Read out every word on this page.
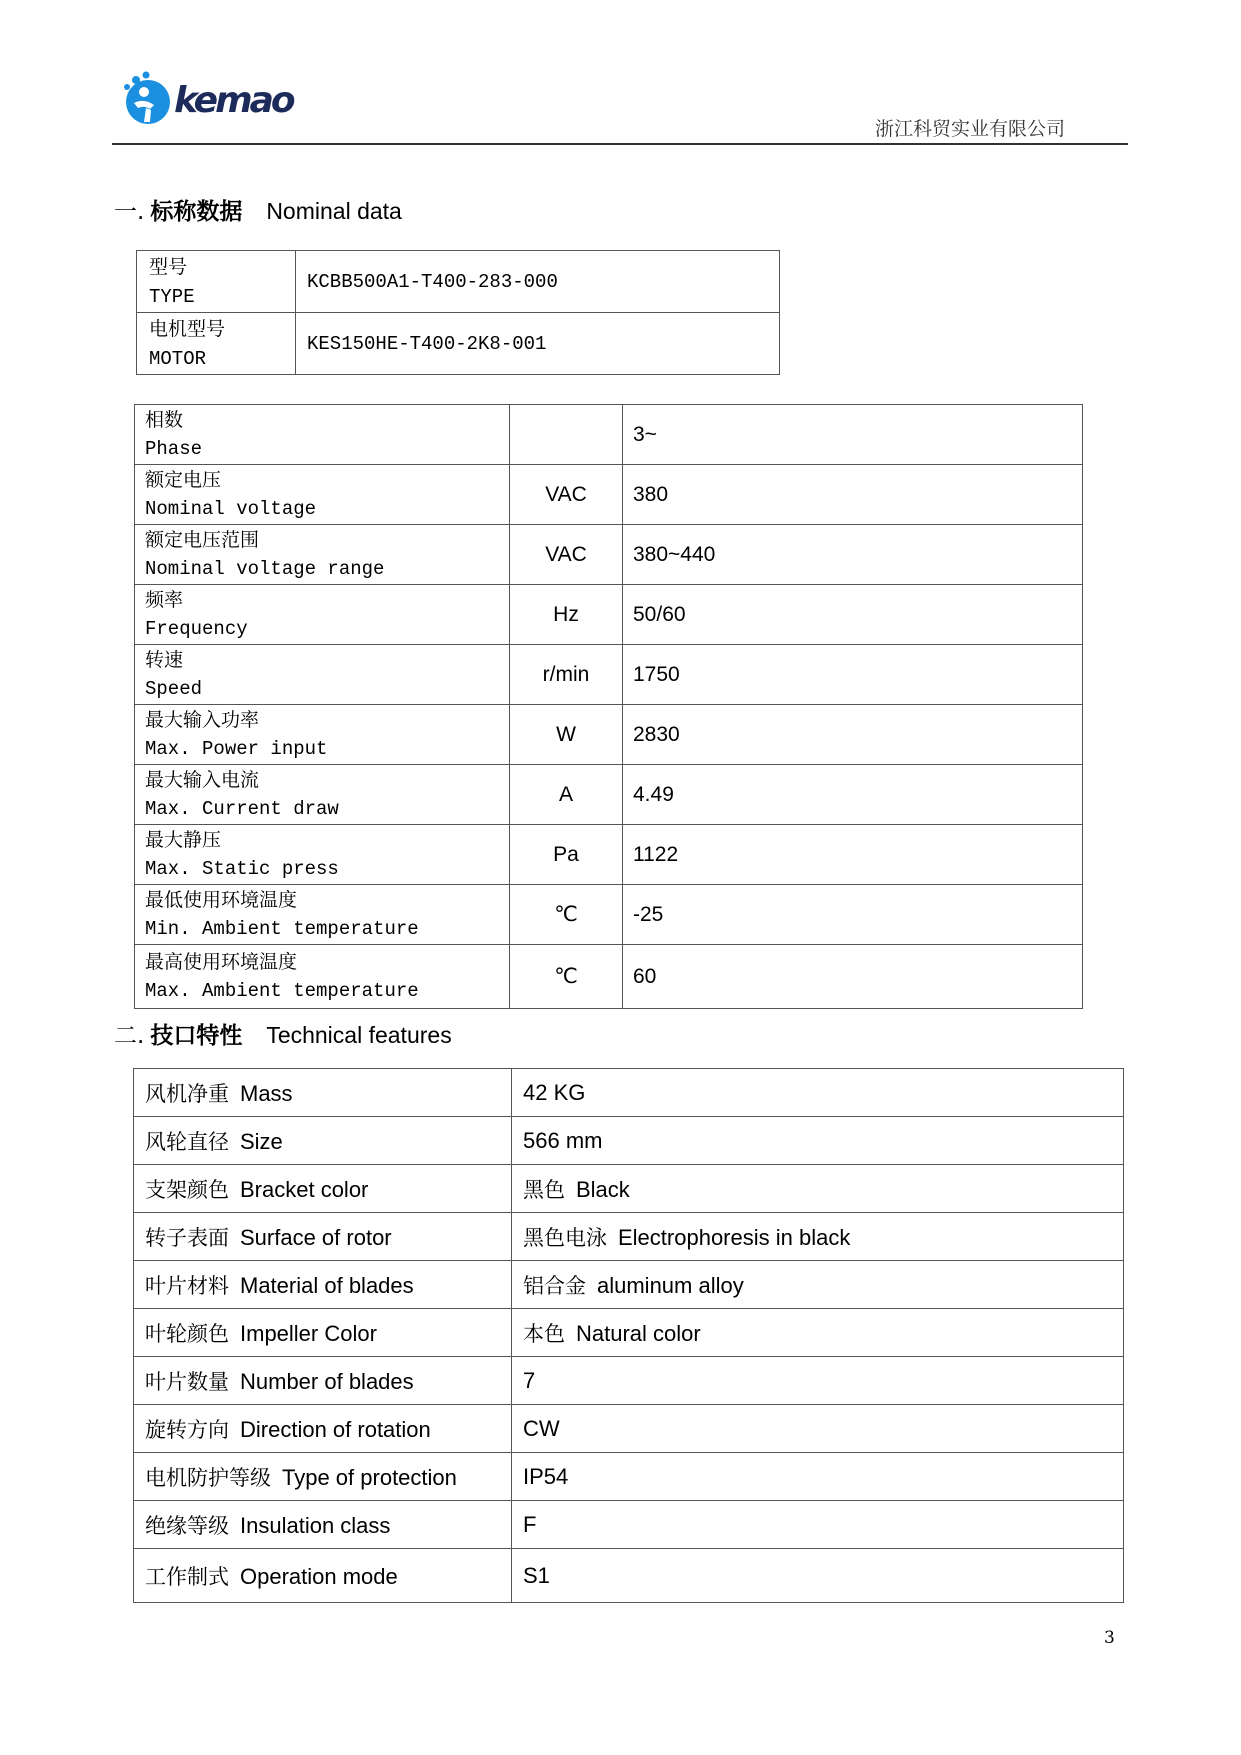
kemao
浙江科贸实业有限公司
一. 标称数据 Nominal data
型号
TYPE	KCBB500A1-T400-283-000

电机型号
MOTOR	KES150HE-T400-2K8-001
相数
Phase		3~

额定电压
Nominal voltage	VAC	380

额定电压范围
Nominal voltage range	VAC	380~440

频率
Frequency	Hz	50/60

转速
Speed	r/min	1750

最大输入功率
Max. Power input	W	2830

最大输入电流
Max. Current draw	A	4.49

最大静压
Max. Static press	Pa	1122

最低使用环境温度
Min. Ambient temperature	℃	-25

最高使用环境温度
Max. Ambient temperature	℃	60
二. 技口特性 Technical features
风机净重 Mass	42 KG
风轮直径 Size	566 mm
支架颜色 Bracket color	黑色 Black
转子表面 Surface of rotor	黑色电泳 Electrophoresis in black
叶片材料 Material of blades	铝合金 aluminum alloy
叶轮颜色 Impeller Color	本色 Natural color
叶片数量 Number of blades	7
旋转方向 Direction of rotation	CW
电机防护等级 Type of protection	IP54
绝缘等级 Insulation class	F
工作制式 Operation mode	S1
3
